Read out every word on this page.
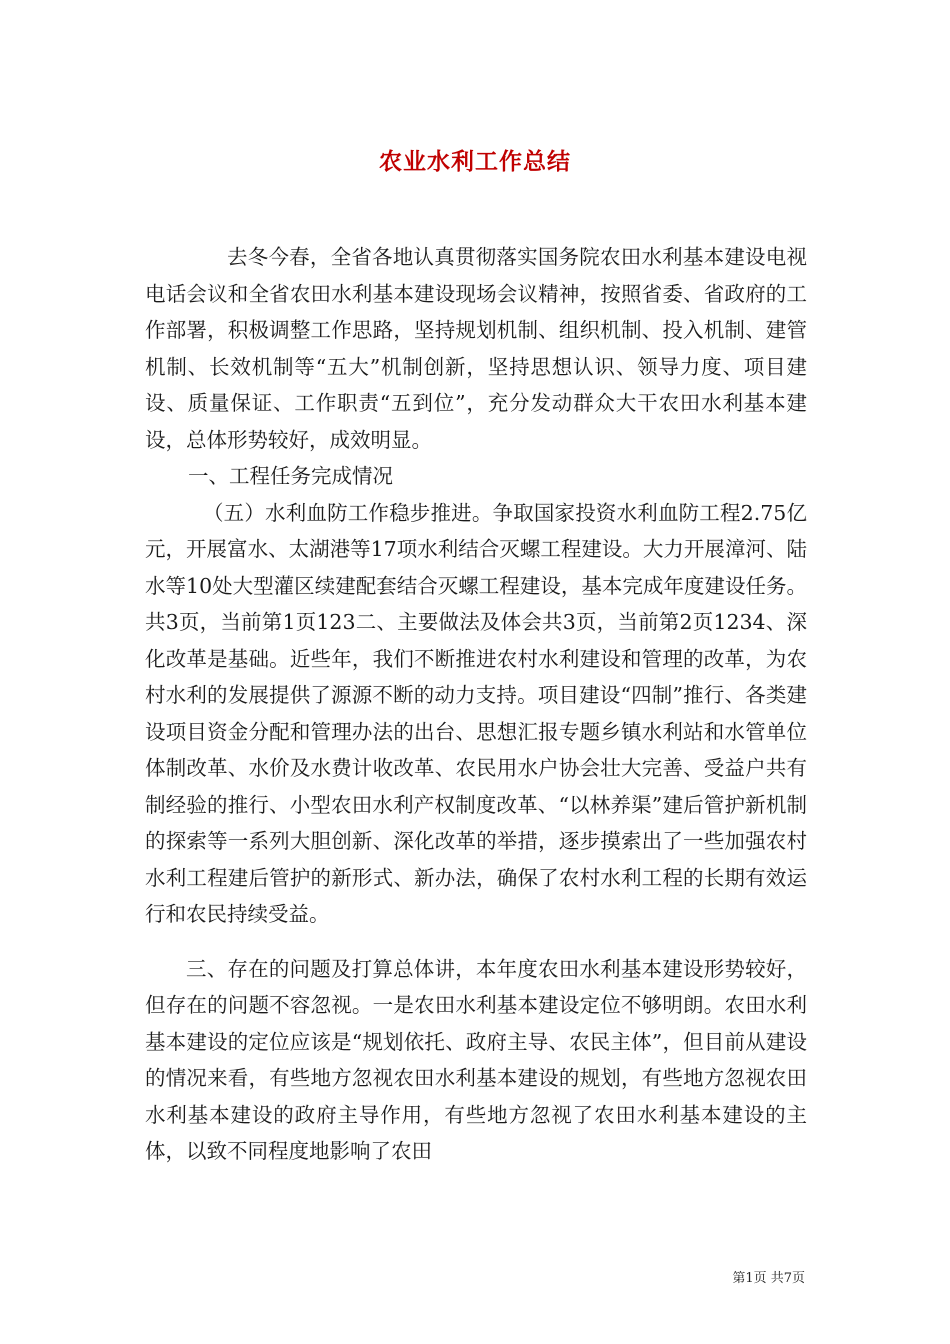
农业水利工作总结

去冬今春，全省各地认真贯彻落实国务院农田水利基本建设电视电话会议和全省农田水利基本建设现场会议精神，按照省委、省政府的工作部署，积极调整工作思路，坚持规划机制、组织机制、投入机制、建管机制、长效机制等“五大”机制创新，坚持思想认识、领导力度、项目建设、质量保证、工作职责“五到位”，充分发动群众大干农田水利基本建设，总体形势较好，成效明显。

一、工程任务完成情况

（五）水利血防工作稳步推进。争取国家投资水利血防工程2.75亿元，开展富水、太湖港等17项水利结合灭螺工程建设。大力开展漳河、陆水等10处大型灌区续建配套结合灭螺工程建设，基本完成年度建设任务。共3页，当前第1页123二、主要做法及体会共3页，当前第2页1234、深化改革是基础。近些年，我们不断推进农村水利建设和管理的改革，为农村水利的发展提供了源源不断的动力支持。项目建设“四制”推行、各类建设项目资金分配和管理办法的出台、思想汇报专题乡镇水利站和水管单位体制改革、水价及水费计收改革、农民用水户协会壮大完善、受益户共有制经验的推行、小型农田水利产权制度改革、“以林养渠”建后管护新机制的探索等一系列大胆创新、深化改革的举措，逐步摸索出了一些加强农村水利工程建后管护的新形式、新办法，确保了农村水利工程的长期有效运行和农民持续受益。

三、存在的问题及打算总体讲，本年度农田水利基本建设形势较好，但存在的问题不容忽视。一是农田水利基本建设定位不够明朗。农田水利基本建设的定位应该是“规划依托、政府主导、农民主体”，但目前从建设的情况来看，有些地方忽视农田水利基本建设的规划，有些地方忽视农田水利基本建设的政府主导作用，有些地方忽视了农田水利基本建设的主体，以致不同程度地影响了农田

第1页 共7页
